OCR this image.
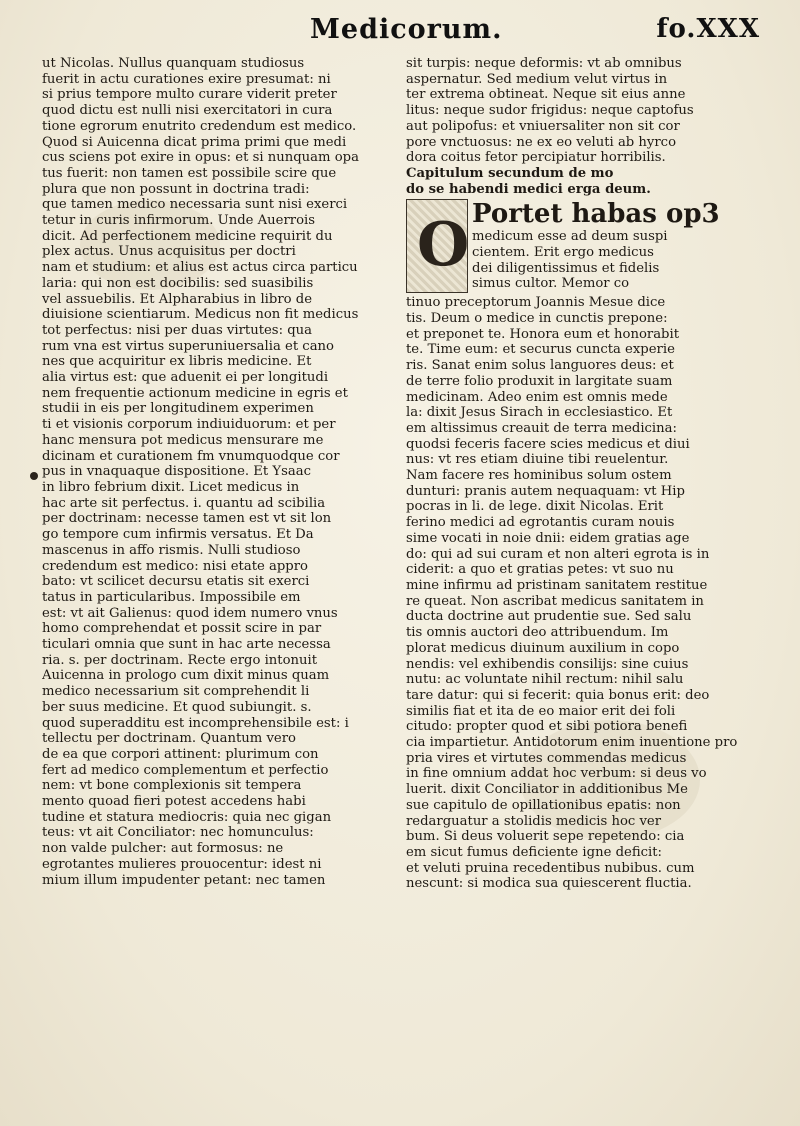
Medicorum.	fo.XXX
ut Nicolas. Nullus quanquam studiosus
fuerit in actu curationes exire presumat: ni
si prius tempore multo curare viderit preter
quod dictu est nulli nisi exercitatori in cura
tione egrorum enutrito credendum est medico.
Quod si Auicenna dicat prima primi que medi
cus sciens pot exire in opus: et si nunquam opa
tus fuerit: non tamen est possibile scire que
plura que non possunt in doctrina tradi:
que tamen medico necessaria sunt nisi exerci
tetur in curis infirmorum. Unde Auerrois
dicit. Ad perfectionem medicine requirit du
plex actus. Unus acquisitus per doctri
nam et studium: et alius est actus circa particu
laria: qui non est docibilis: sed suasibilis
vel assuebilis. Et Alpharabius in libro de
diuisione scientiarum. Medicus non fit medicus
tot perfectus: nisi per duas virtutes: qua
rum vna est virtus superuniuersalia et cano
nes que acquiritur ex libris medicine. Et
alia virtus est: que aduenit ei per longitudi
nem frequentie actionum medicine in egris et
studii in eis per longitudinem experimen
ti et visionis corporum indiuiduorum: et per
hanc mensura pot medicus mensurare me
dicinam et curationem fm vnumquodque cor
pus in vnaquaque dispositione. Et Ysaac
in libro febrium dixit. Licet medicus in
hac arte sit perfectus. i. quantu ad scibilia
per doctrinam: necesse tamen est vt sit lon
go tempore cum infirmis versatus. Et Da
mascenus in affo rismis. Nulli studioso
credendum est medico: nisi etate appro
bato: vt scilicet decursu etatis sit exerci
tatus in particularibus. Impossibile em
est: vt ait Galienus: quod idem numero vnus
homo comprehendat et possit scire in par
ticulari omnia que sunt in hac arte necessa
ria. s. per doctrinam. Recte ergo intonuit
Auicenna in prologo cum dixit minus quam
medico necessarium sit comprehendit li
ber suus medicine. Et quod subiungit. s.
quod superadditu est incomprehensibile est: i
tellectu per doctrinam. Quantum vero
de ea que corpori attinent: plurimum con
fert ad medico complementum et perfectio
nem: vt bone complexionis sit tempera
mento quoad fieri potest accedens habi
tudine et statura mediocris: quia nec gigan
teus: vt ait Conciliator: nec homunculus:
non valde pulcher: aut formosus: ne
egrotantes mulieres prouocentur: idest ni
mium illum impudenter petant: nec tamen
sit turpis: neque deformis: vt ab omnibus
aspernatur. Sed medium velut virtus in
ter extrema obtineat. Neque sit eius anne
litus: neque sudor frigidus: neque captofus
aut polipofus: et vniuersaliter non sit cor
pore vnctuosus: ne ex eo veluti ab hyrco
dora coitus fetor percipiatur horribilis.
Capitulum secundum de mo
do se habendi medici erga deum.
O Portet habas op3
medicum esse ad deum suspi
cientem. Erit ergo medicus
dei diligentissimus et fidelis
simus cultor. Memor co
tinuo preceptorum Joannis Mesue dice
tis. Deum o medice in cunctis prepone:
et preponet te. Honora eum et honorabit
te. Time eum: et securus cuncta experie
ris. Sanat enim solus languores deus: et
de terre folio produxit in largitate suam
medicinam. Adeo enim est omnis mede
la: dixit Jesus Sirach in ecclesiastico. Et
em altissimus creauit de terra medicina:
quodsi feceris facere scies medicus et diui
nus: vt res etiam diuine tibi reuelentur.
Nam facere res hominibus solum ostem
dunturi: pranis autem nequaquam: vt Hip
pocras in li. de lege. dixit Nicolas. Erit
ferino medici ad egrotantis curam nouis
sime vocati in noie dnii: eidem gratias age
do: qui ad sui curam et non alteri egrota is in
ciderit: a quo et gratias petes: vt suo nu
mine infirmu ad pristinam sanitatem restitue
re queat. Non ascribat medicus sanitatem in
ducta doctrine aut prudentie sue. Sed salu
tis omnis auctori deo attribuendum. Im
plorat medicus diuinum auxilium in copo
nendis: vel exhibendis consilijs: sine cuius
nutu: ac voluntate nihil rectum: nihil salu
tare datur: qui si fecerit: quia bonus erit: deo
similis fiat et ita de eo maior erit dei foli
citudo: propter quod et sibi potiora benefi
cia impartietur. Antidotorum enim inuentione pro
pria vires et virtutes commendas medicus
in fine omnium addat hoc verbum: si deus vo
luerit. dixit Conciliator in additionibus Me
sue capitulo de opillationibus epatis: non
redarguatur a stolidis medicis hoc ver
bum. Si deus voluerit sepe repetendo: cia
em sicut fumus deficiente igne deficit:
et veluti pruina recedentibus nubibus. cum
nescunt: si modica sua quiescerent fluctia.
